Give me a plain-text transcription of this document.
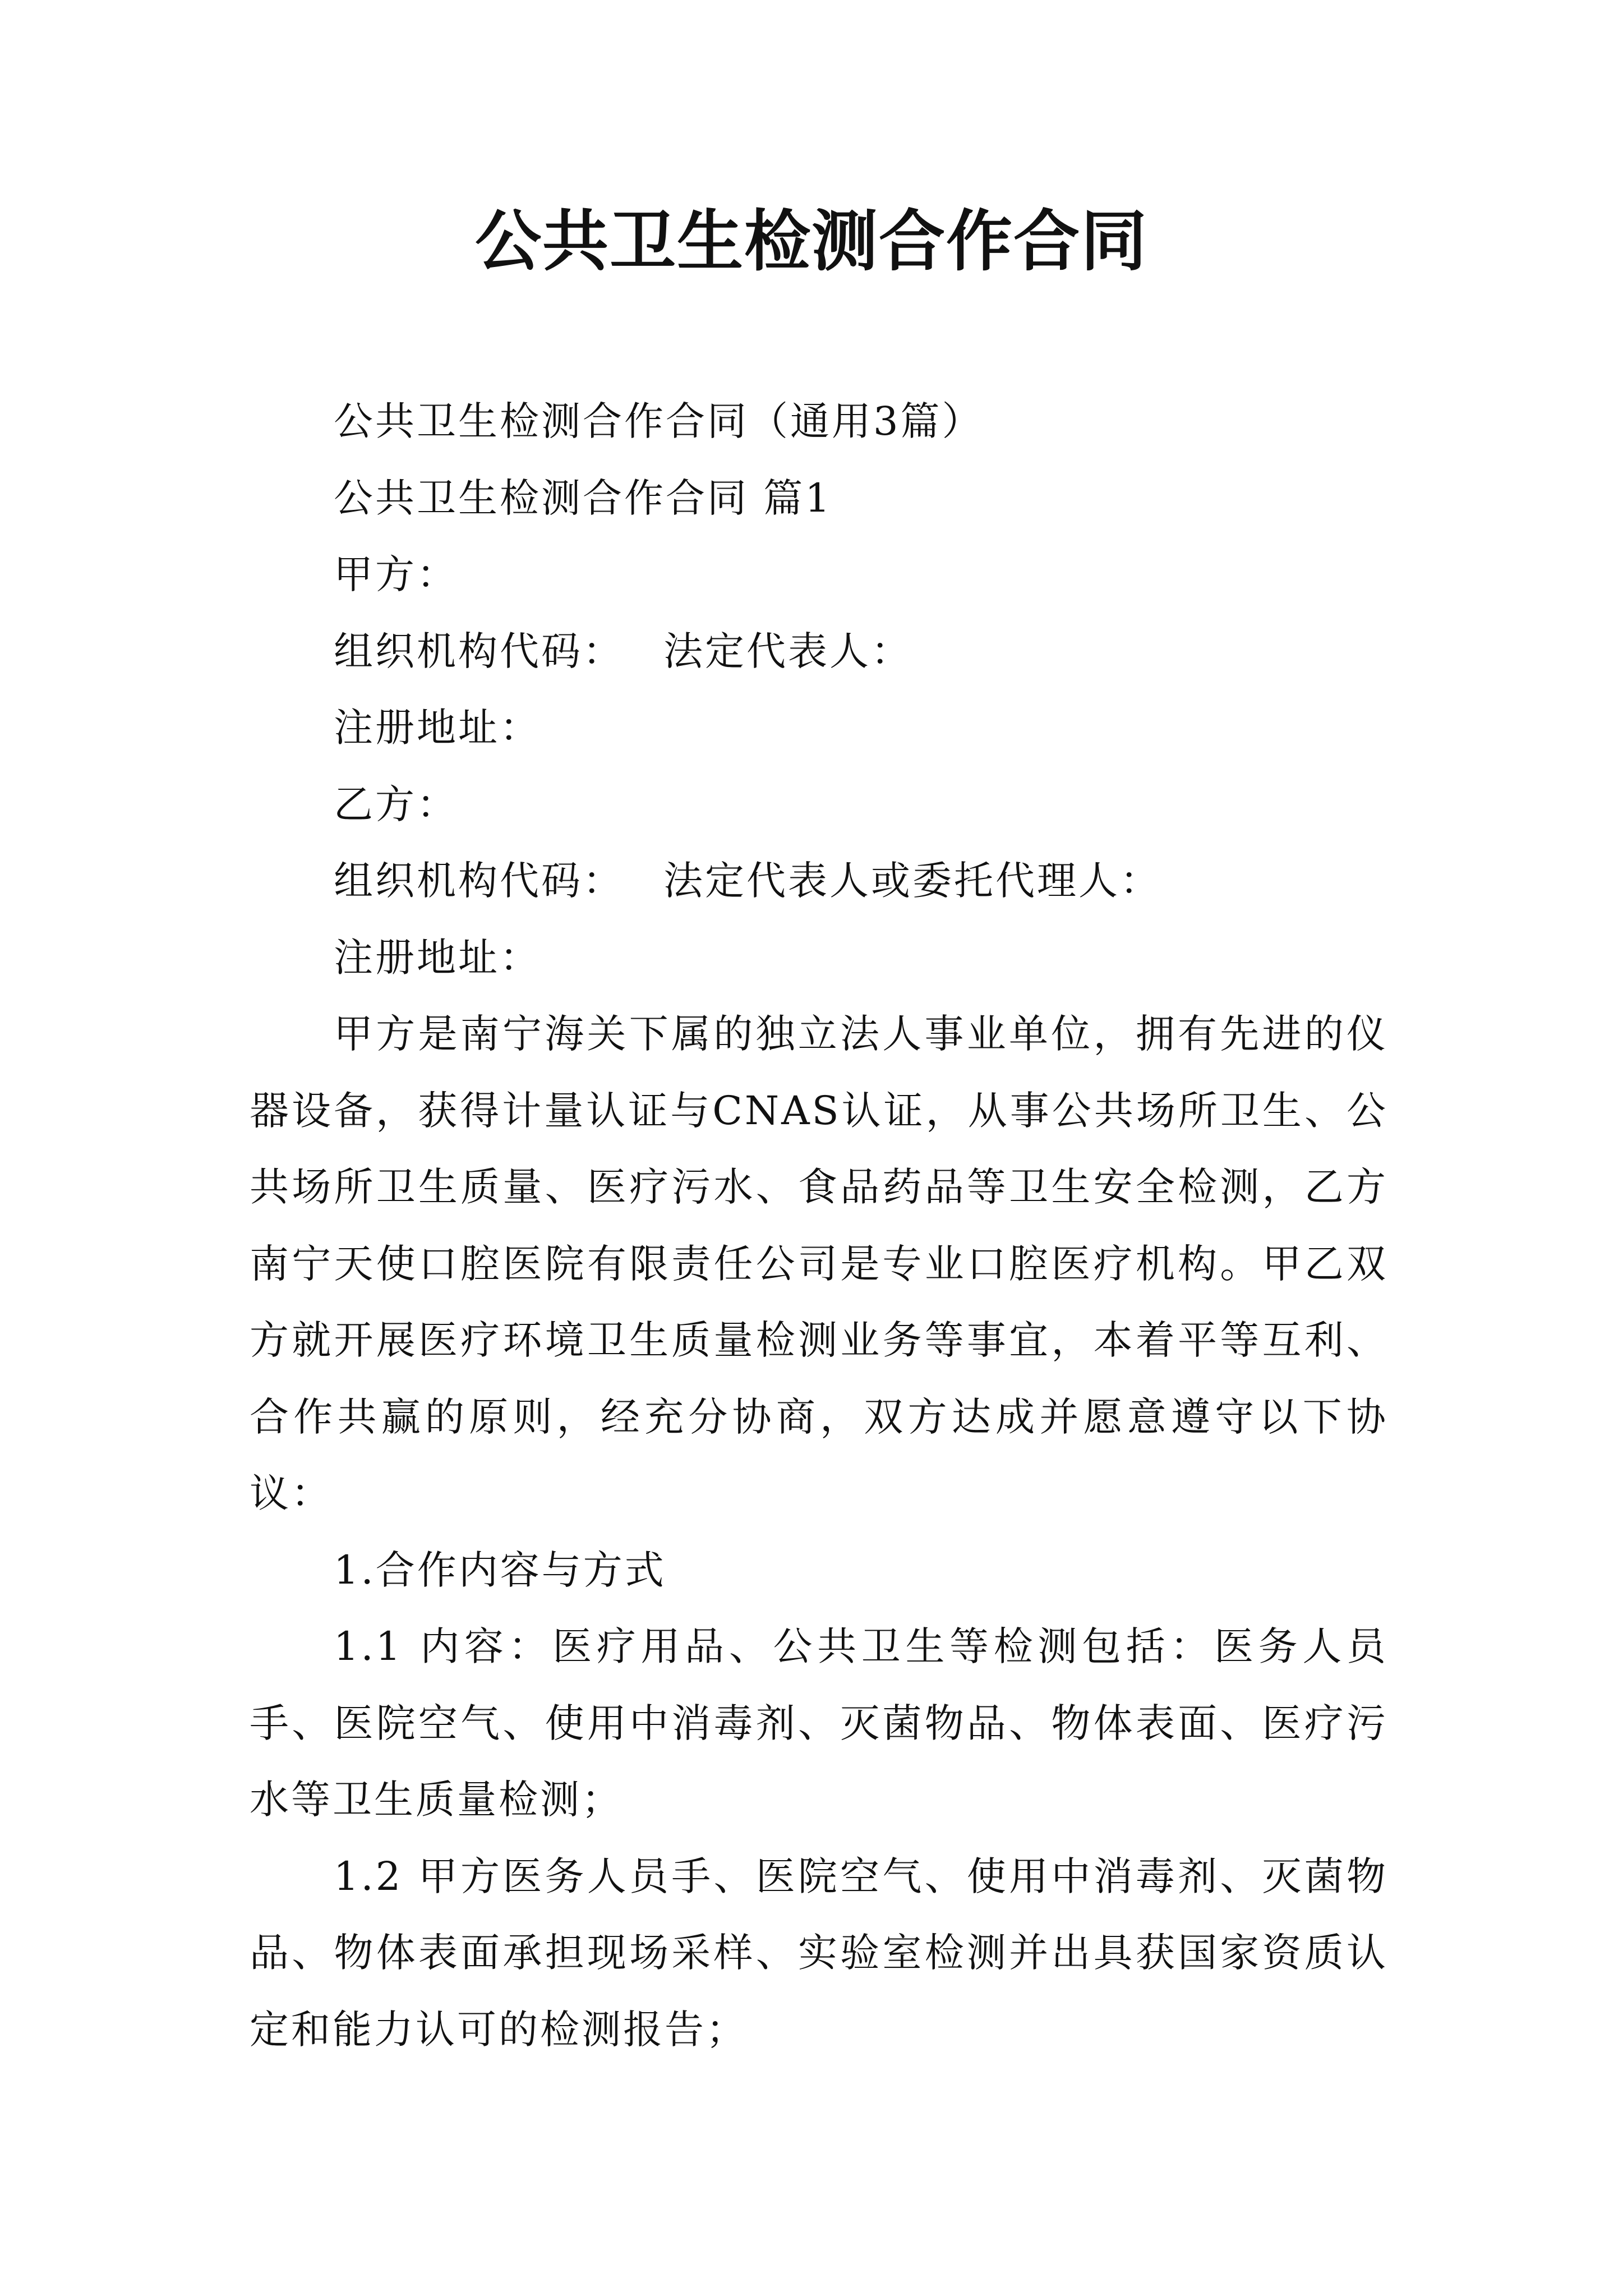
公共卫生检测合作合同

公共卫生检测合作合同（通用3篇）

公共卫生检测合作合同 篇1

甲方：

组织机构代码： 法定代表人：

注册地址：

乙方：

组织机构代码： 法定代表人或委托代理人：

注册地址：

甲方是南宁海关下属的独立法人事业单位，拥有先进的仪器设备，获得计量认证与CNAS认证，从事公共场所卫生、公共场所卫生质量、医疗污水、食品药品等卫生安全检测，乙方南宁天使口腔医院有限责任公司是专业口腔医疗机构。甲乙双方就开展医疗环境卫生质量检测业务等事宜，本着平等互利、合作共赢的原则，经充分协商，双方达成并愿意遵守以下协议：

1.合作内容与方式

1.1 内容：医疗用品、公共卫生等检测包括：医务人员手、医院空气、使用中消毒剂、灭菌物品、物体表面、医疗污水等卫生质量检测；

1.2 甲方医务人员手、医院空气、使用中消毒剂、灭菌物品、物体表面承担现场采样、实验室检测并出具获国家资质认定和能力认可的检测报告；
